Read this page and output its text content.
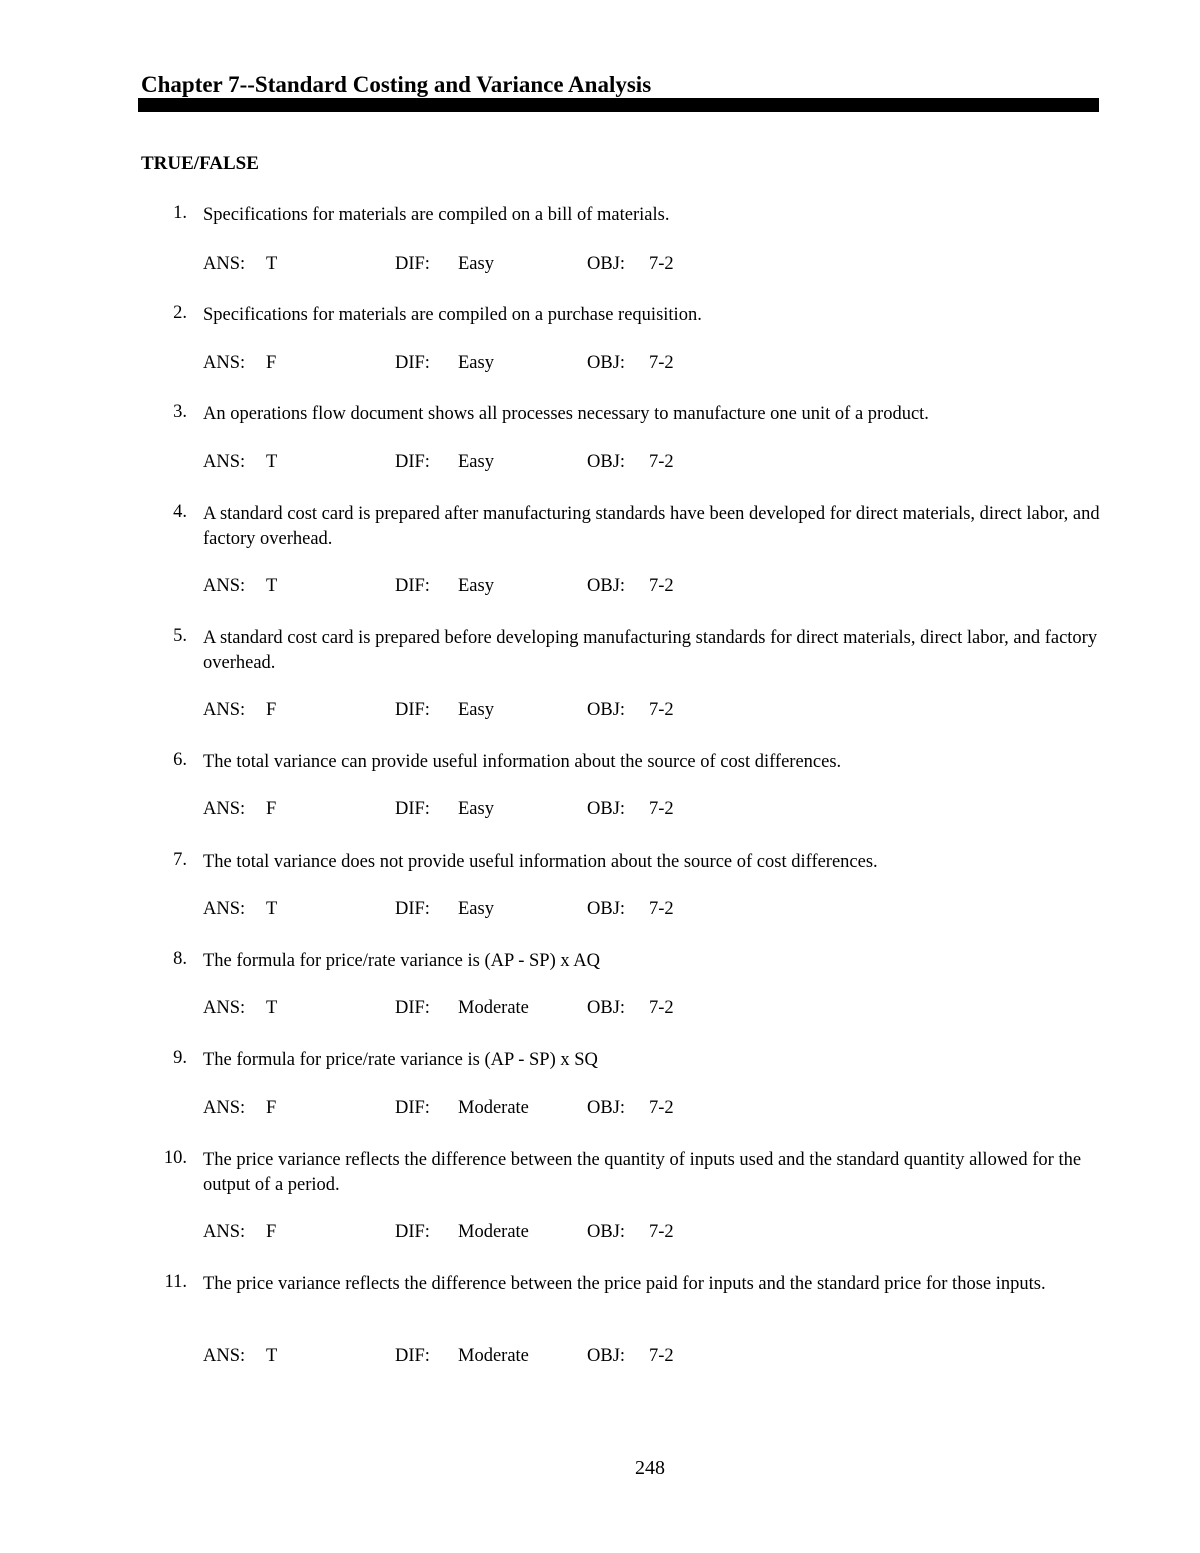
Chapter 7--Standard Costing and Variance Analysis
TRUE/FALSE
1. Specifications for materials are compiled on a bill of materials.
ANS: T	DIF: Easy	OBJ: 7-2
2. Specifications for materials are compiled on a purchase requisition.
ANS: F	DIF: Easy	OBJ: 7-2
3. An operations flow document shows all processes necessary to manufacture one unit of a product.
ANS: T	DIF: Easy	OBJ: 7-2
4. A standard cost card is prepared after manufacturing standards have been developed for direct materials, direct labor, and factory overhead.
ANS: T	DIF: Easy	OBJ: 7-2
5. A standard cost card is prepared before developing manufacturing standards for direct materials, direct labor, and factory overhead.
ANS: F	DIF: Easy	OBJ: 7-2
6. The total variance can provide useful information about the source of cost differences.
ANS: F	DIF: Easy	OBJ: 7-2
7. The total variance does not provide useful information about the source of cost differences.
ANS: T	DIF: Easy	OBJ: 7-2
8. The formula for price/rate variance is (AP - SP) x AQ
ANS: T	DIF: Moderate	OBJ: 7-2
9. The formula for price/rate variance is (AP - SP) x SQ
ANS: F	DIF: Moderate	OBJ: 7-2
10. The price variance reflects the difference between the quantity of inputs used and the standard quantity allowed for the output of a period.
ANS: F	DIF: Moderate	OBJ: 7-2
11. The price variance reflects the difference between the price paid for inputs and the standard price for those inputs.
ANS: T	DIF: Moderate	OBJ: 7-2
248
